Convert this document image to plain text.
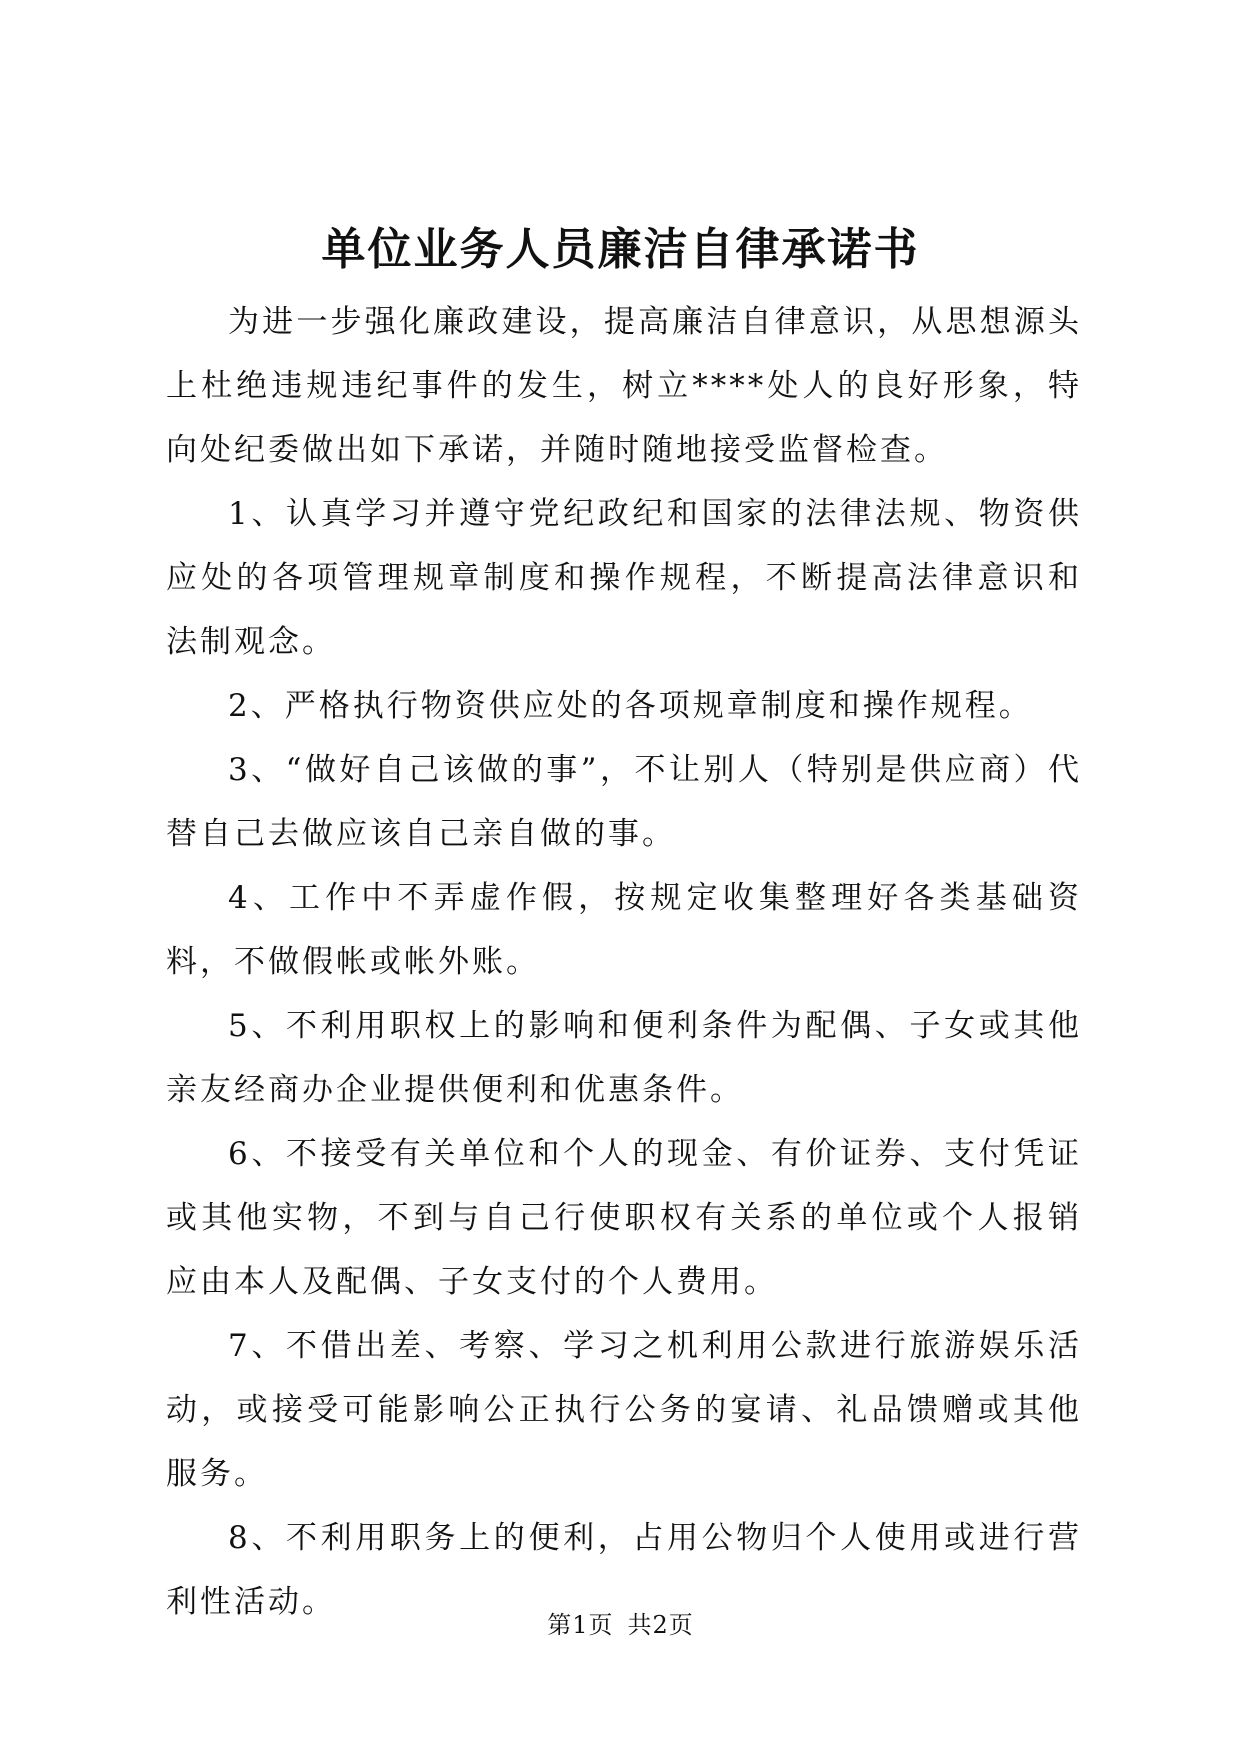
单位业务人员廉洁自律承诺书

为进一步强化廉政建设，提高廉洁自律意识，从思想源头上杜绝违规违纪事件的发生，树立****处人的良好形象，特向处纪委做出如下承诺，并随时随地接受监督检查。

1、认真学习并遵守党纪政纪和国家的法律法规、物资供应处的各项管理规章制度和操作规程，不断提高法律意识和法制观念。

2、严格执行物资供应处的各项规章制度和操作规程。

3、“做好自己该做的事”，不让别人（特别是供应商）代替自己去做应该自己亲自做的事。

4、工作中不弄虚作假，按规定收集整理好各类基础资料，不做假帐或帐外账。

5、不利用职权上的影响和便利条件为配偶、子女或其他亲友经商办企业提供便利和优惠条件。

6、不接受有关单位和个人的现金、有价证券、支付凭证或其他实物，不到与自己行使职权有关系的单位或个人报销应由本人及配偶、子女支付的个人费用。

7、不借出差、考察、学习之机利用公款进行旅游娱乐活动，或接受可能影响公正执行公务的宴请、礼品馈赠或其他服务。

8、不利用职务上的便利，占用公物归个人使用或进行营利性活动。

第1页 共2页
